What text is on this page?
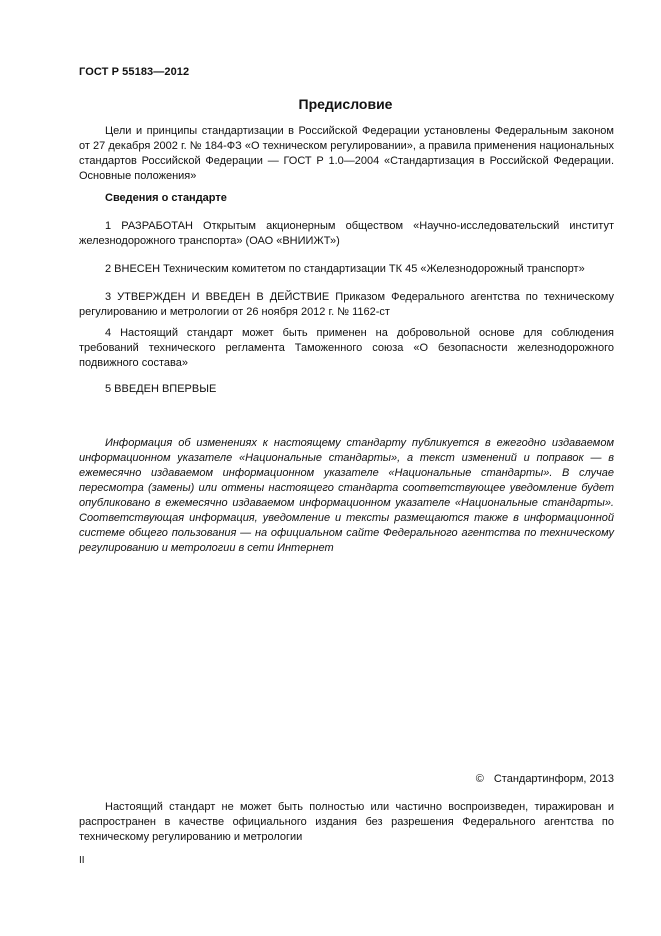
ГОСТ Р 55183—2012
Предисловие

Цели и принципы стандартизации в Российской Федерации установлены Федеральным законом от 27 декабря 2002 г. № 184-ФЗ «О техническом регулировании», а правила применения национальных стандартов Российской Федерации — ГОСТ Р 1.0—2004 «Стандартизация в Российской Федерации. Основные положения»

Сведения о стандарте

1 РАЗРАБОТАН Открытым акционерным обществом «Научно-исследовательский институт железнодорожного транспорта» (ОАО «ВНИИЖТ»)

2 ВНЕСЕН Техническим комитетом по стандартизации ТК 45 «Железнодорожный транспорт»

3 УТВЕРЖДЕН И ВВЕДЕН В ДЕЙСТВИЕ Приказом Федерального агентства по техническому регулированию и метрологии от 26 ноября 2012 г. № 1162-ст

4 Настоящий стандарт может быть применен на добровольной основе для соблюдения требований технического регламента Таможенного союза «О безопасности железнодорожного подвижного состава»

5 ВВЕДЕН ВПЕРВЫЕ

Информация об изменениях к настоящему стандарту публикуется в ежегодно издаваемом информационном указателе «Национальные стандарты», а текст изменений и поправок — в ежемесячно издаваемом информационном указателе «Национальные стандарты». В случае пересмотра (замены) или отмены настоящего стандарта соответствующее уведомление будет опубликовано в ежемесячно издаваемом информационном указателе «Национальные стандарты». Соответствующая информация, уведомление и тексты размещаются также в информационной системе общего пользования — на официальном сайте Федерального агентства по техническому регулированию и метрологии в сети Интернет

© Стандартинформ, 2013

Настоящий стандарт не может быть полностью или частично воспроизведен, тиражирован и распространен в качестве официального издания без разрешения Федерального агентства по техническому регулированию и метрологии

II
